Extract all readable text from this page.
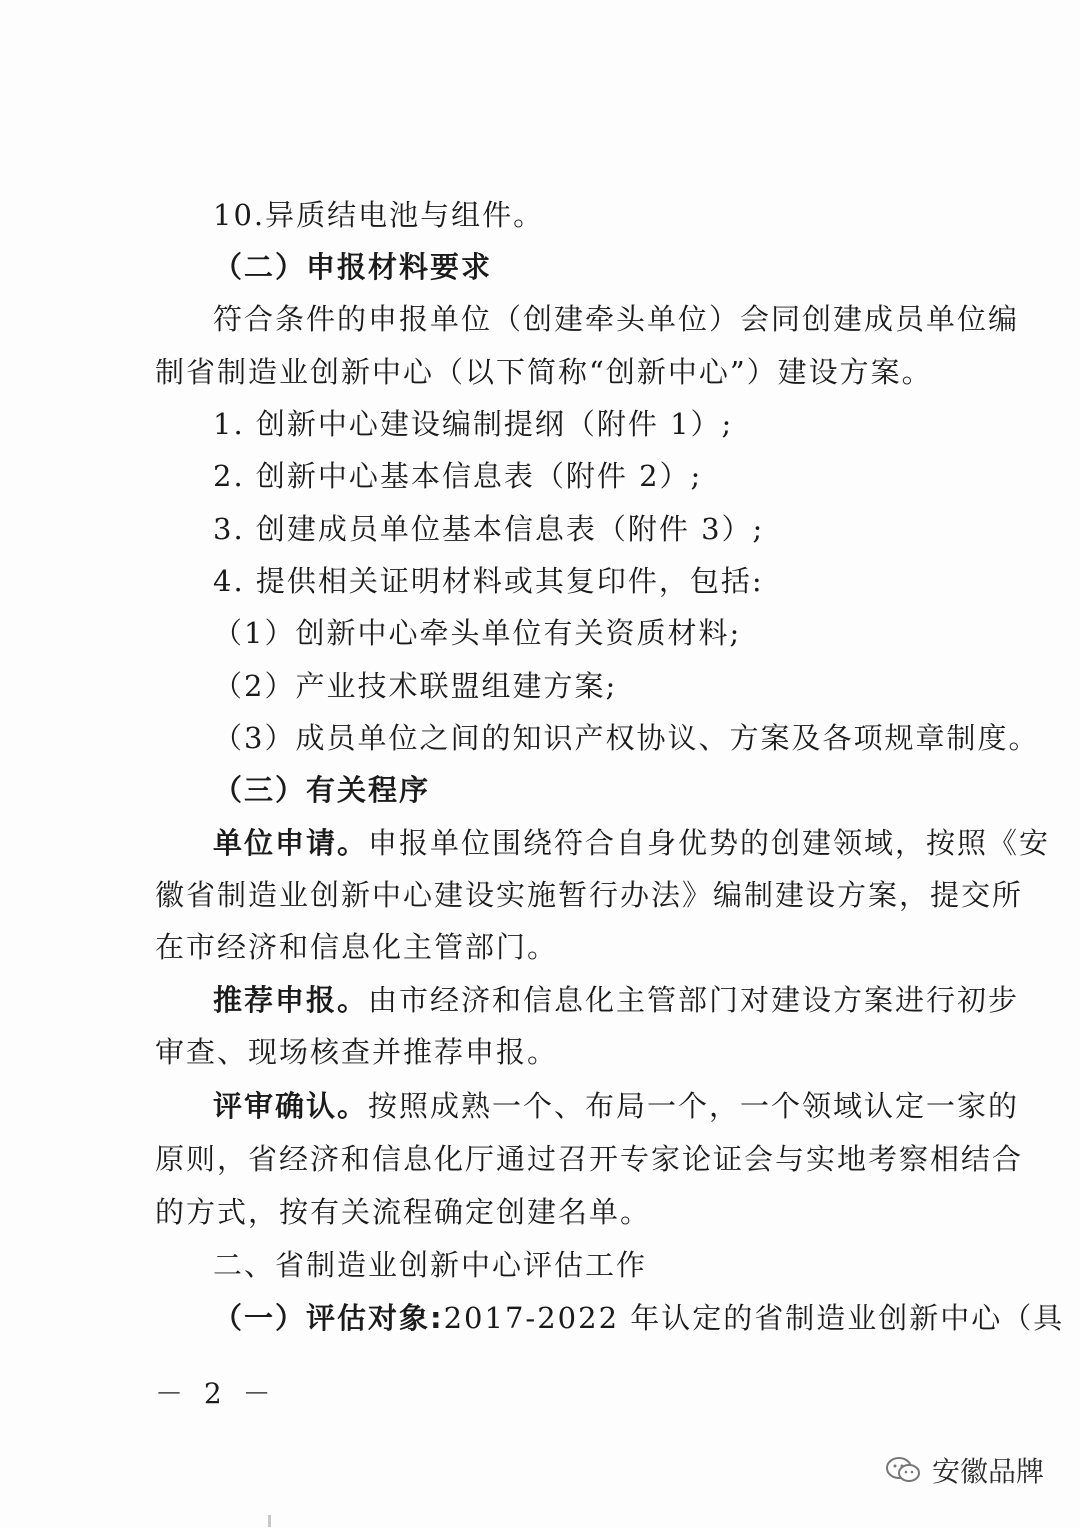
10.异质结电池与组件。
（二）申报材料要求
符合条件的申报单位（创建牵头单位）会同创建成员单位编
制省制造业创新中心（以下简称“创新中心”）建设方案。
1. 创新中心建设编制提纲（附件 1）;
2. 创新中心基本信息表（附件 2）;
3. 创建成员单位基本信息表（附件 3）;
4. 提供相关证明材料或其复印件，包括:
（1）创新中心牵头单位有关资质材料;
（2）产业技术联盟组建方案;
（3）成员单位之间的知识产权协议、方案及各项规章制度。
（三）有关程序
单位申请。申报单位围绕符合自身优势的创建领域，按照《安
徽省制造业创新中心建设实施暂行办法》编制建设方案，提交所
在市经济和信息化主管部门。
推荐申报。由市经济和信息化主管部门对建设方案进行初步
审查、现场核查并推荐申报。
评审确认。按照成熟一个、布局一个，一个领域认定一家的
原则，省经济和信息化厅通过召开专家论证会与实地考察相结合
的方式，按有关流程确定创建名单。
二、省制造业创新中心评估工作
（一）评估对象:2017-2022 年认定的省制造业创新中心（具
－ 2 －
安徽品牌
